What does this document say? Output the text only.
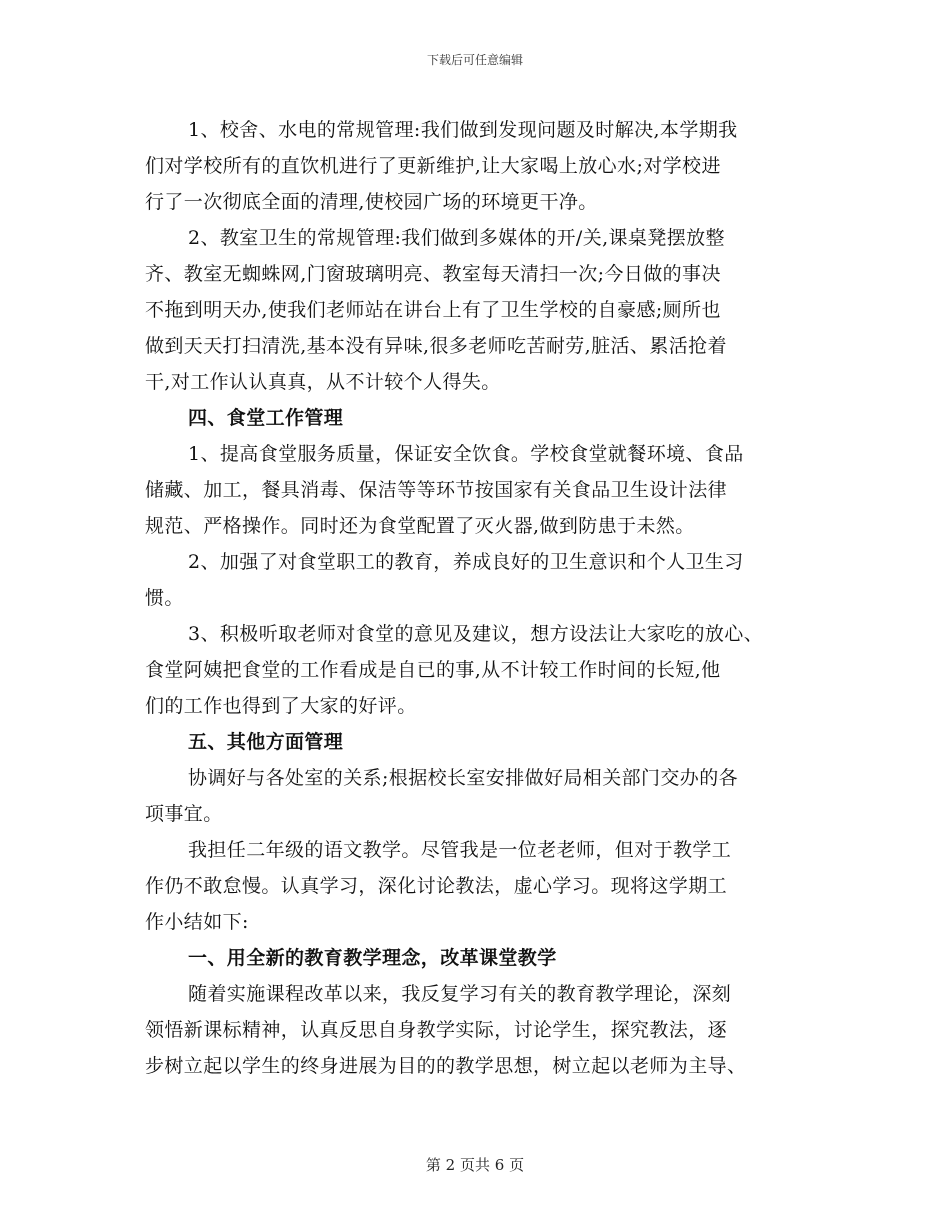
下载后可任意编辑
1、校舍、水电的常规管理:我们做到发现问题及时解决,本学期我
们对学校所有的直饮机进行了更新维护,让大家喝上放心水;对学校进
行了一次彻底全面的清理,使校园广场的环境更干净。
2、教室卫生的常规管理:我们做到多媒体的开/关,课桌凳摆放整
齐、教室无蜘蛛网,门窗玻璃明亮、教室每天清扫一次;今日做的事决
不拖到明天办,使我们老师站在讲台上有了卫生学校的自豪感;厕所也
做到天天打扫清洗,基本没有异味,很多老师吃苦耐劳,脏活、累活抢着
干,对工作认认真真，从不计较个人得失。
四、食堂工作管理
1、提高食堂服务质量，保证安全饮食。学校食堂就餐环境、食品
储藏、加工，餐具消毒、保洁等等环节按国家有关食品卫生设计法律
规范、严格操作。同时还为食堂配置了灭火器,做到防患于未然。
2、加强了对食堂职工的教育，养成良好的卫生意识和个人卫生习
惯。
3、积极听取老师对食堂的意见及建议，想方设法让大家吃的放心、
食堂阿姨把食堂的工作看成是自已的事,从不计较工作时间的长短,他
们的工作也得到了大家的好评。
五、其他方面管理
协调好与各处室的关系;根据校长室安排做好局相关部门交办的各
项事宜。
我担任二年级的语文教学。尽管我是一位老老师，但对于教学工
作仍不敢怠慢。认真学习，深化讨论教法，虚心学习。现将这学期工
作小结如下:
一、用全新的教育教学理念，改革课堂教学
随着实施课程改革以来，我反复学习有关的教育教学理论，深刻
领悟新课标精神，认真反思自身教学实际，讨论学生，探究教法，逐
步树立起以学生的终身进展为目的的教学思想，树立起以老师为主导、
第 2 页共 6 页
